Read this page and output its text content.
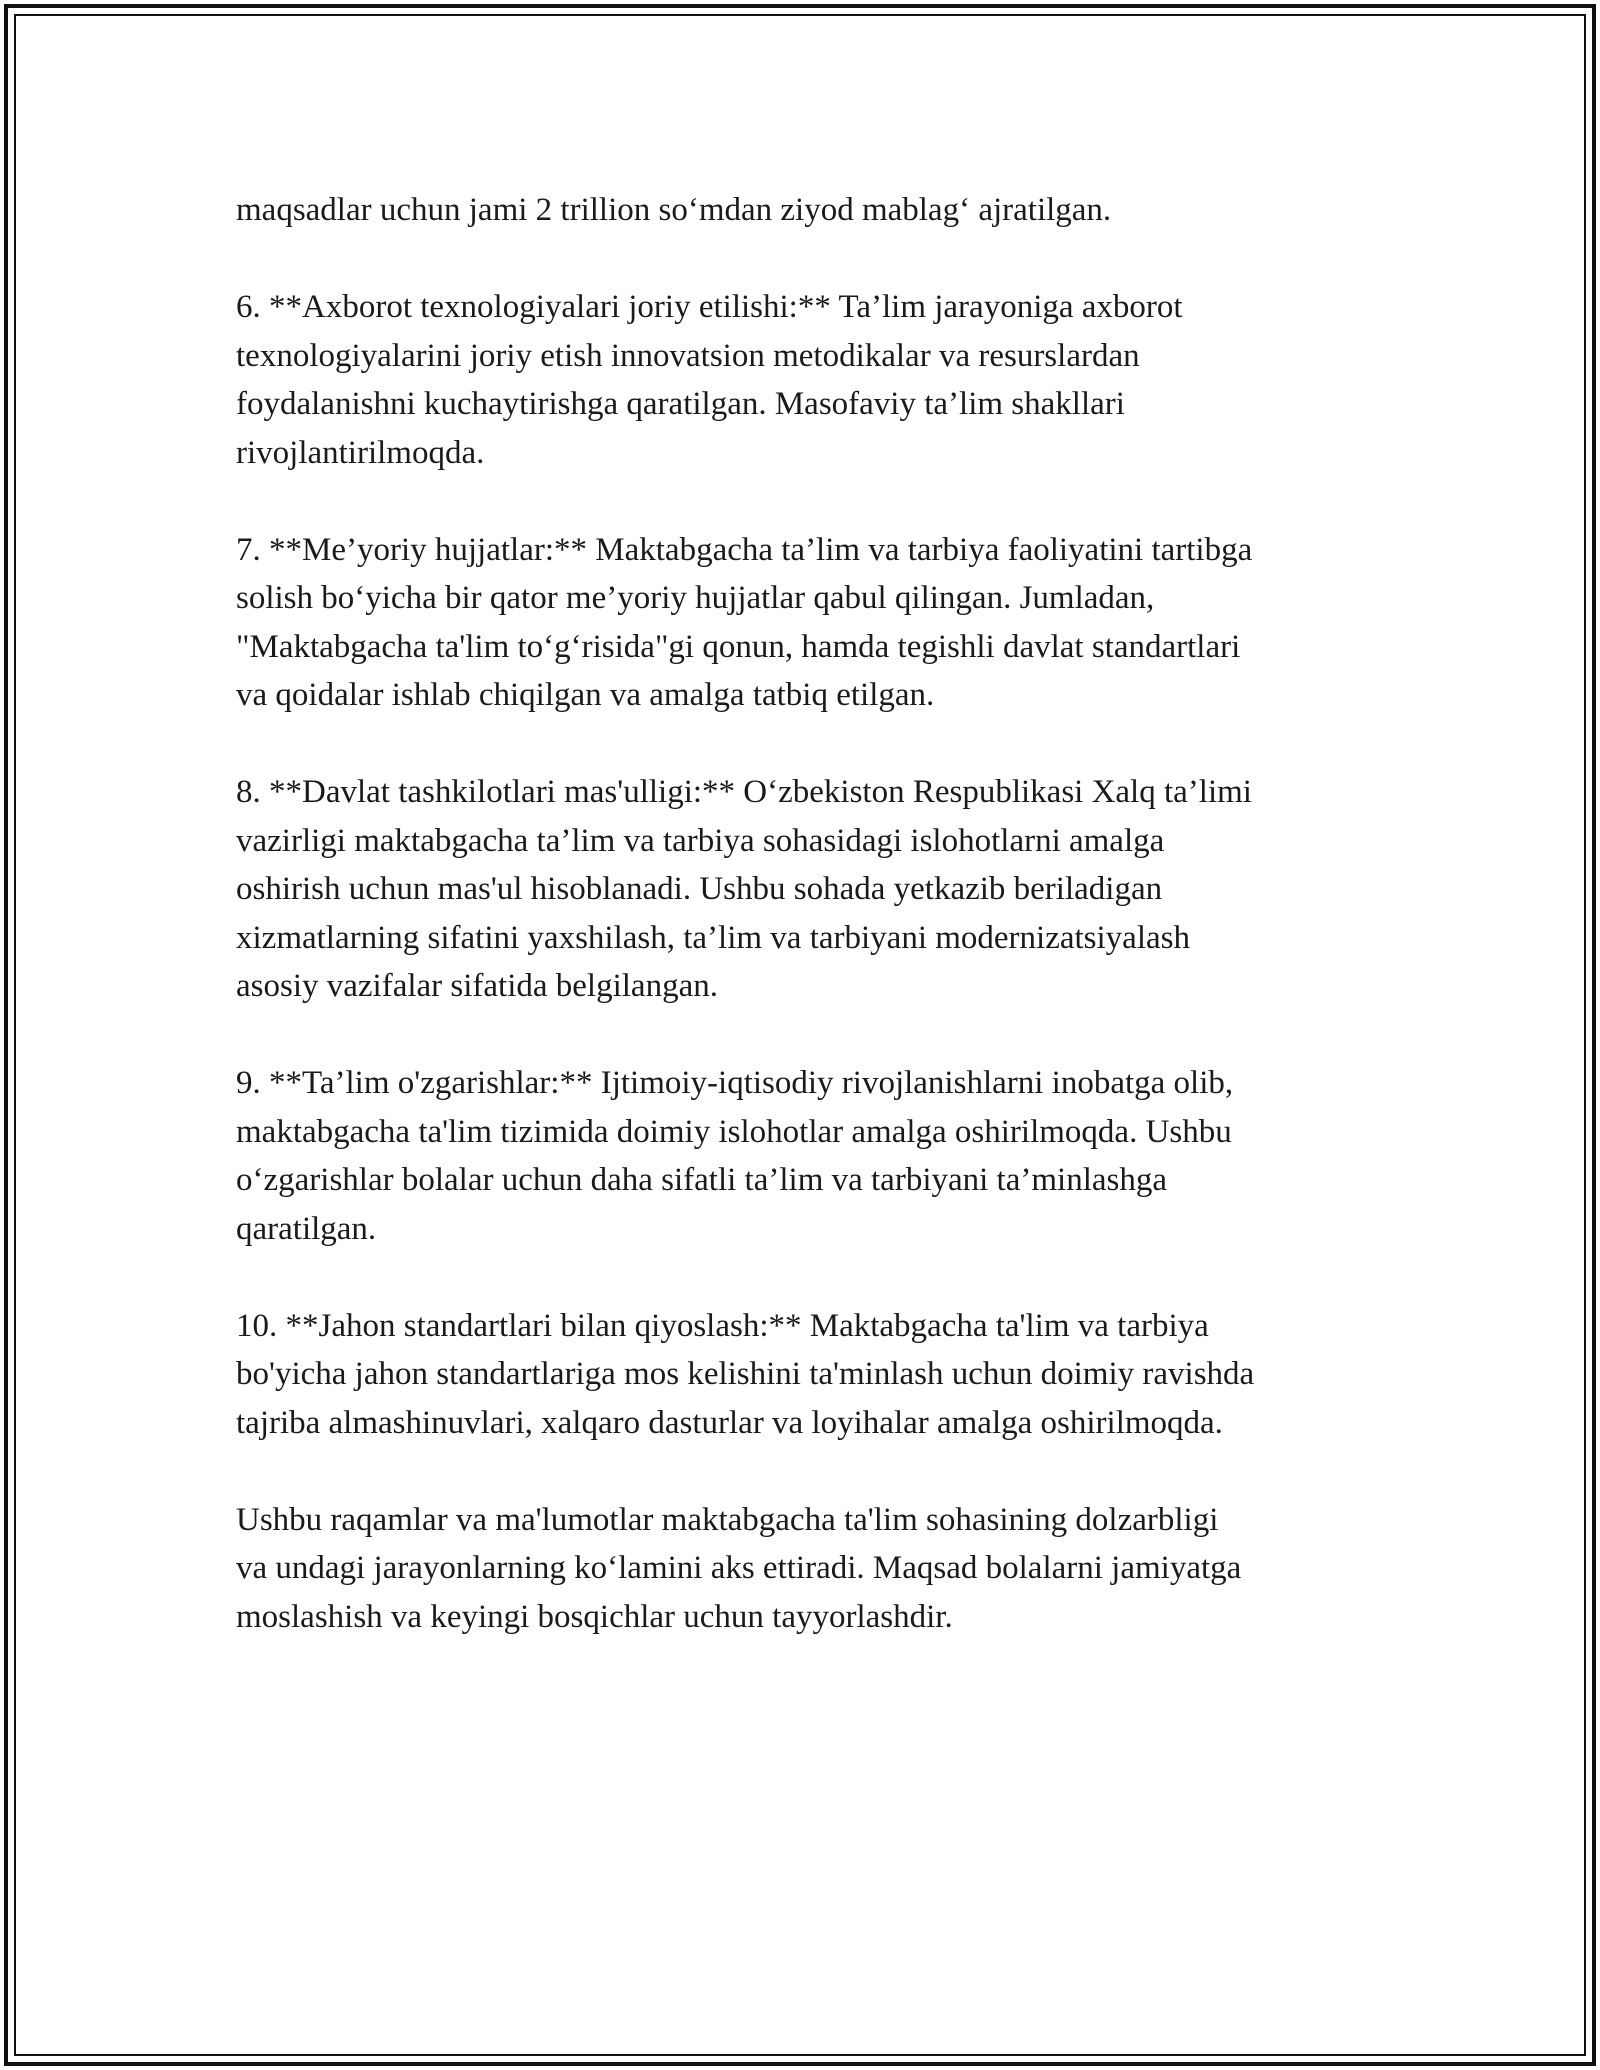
maqsadlar uchun jami 2 trillion so‘mdan ziyod mablag‘ ajratilgan.

6. **Axborot texnologiyalari joriy etilishi:** Ta’lim jarayoniga axborot
texnologiyalarini joriy etish innovatsion metodikalar va resurslardan
foydalanishni kuchaytirishga qaratilgan. Masofaviy ta’lim shakllari
rivojlantirilmoqda.

7. **Me’yoriy hujjatlar:** Maktabgacha ta’lim va tarbiya faoliyatini tartibga
solish bo‘yicha bir qator me’yoriy hujjatlar qabul qilingan. Jumladan,
"Maktabgacha ta'lim to‘g‘risida"gi qonun, hamda tegishli davlat standartlari
va qoidalar ishlab chiqilgan va amalga tatbiq etilgan.

8. **Davlat tashkilotlari mas'ulligi:** O‘zbekiston Respublikasi Xalq ta’limi
vazirligi maktabgacha ta’lim va tarbiya sohasidagi islohotlarni amalga
oshirish uchun mas'ul hisoblanadi. Ushbu sohada yetkazib beriladigan
xizmatlarning sifatini yaxshilash, ta’lim va tarbiyani modernizatsiyalash
asosiy vazifalar sifatida belgilangan.

9. **Ta’lim o'zgarishlar:** Ijtimoiy-iqtisodiy rivojlanishlarni inobatga olib,
maktabgacha ta'lim tizimida doimiy islohotlar amalga oshirilmoqda. Ushbu
o‘zgarishlar bolalar uchun daha sifatli ta’lim va tarbiyani ta’minlashga
qaratilgan.

10. **Jahon standartlari bilan qiyoslash:** Maktabgacha ta'lim va tarbiya
bo'yicha jahon standartlariga mos kelishini ta'minlash uchun doimiy ravishda
tajriba almashinuvlari, xalqaro dasturlar va loyihalar amalga oshirilmoqda.

Ushbu raqamlar va ma'lumotlar maktabgacha ta'lim sohasining dolzarbligi
va undagi jarayonlarning ko‘lamini aks ettiradi. Maqsad bolalarni jamiyatga
moslashish va keyingi bosqichlar uchun tayyorlashdir.
